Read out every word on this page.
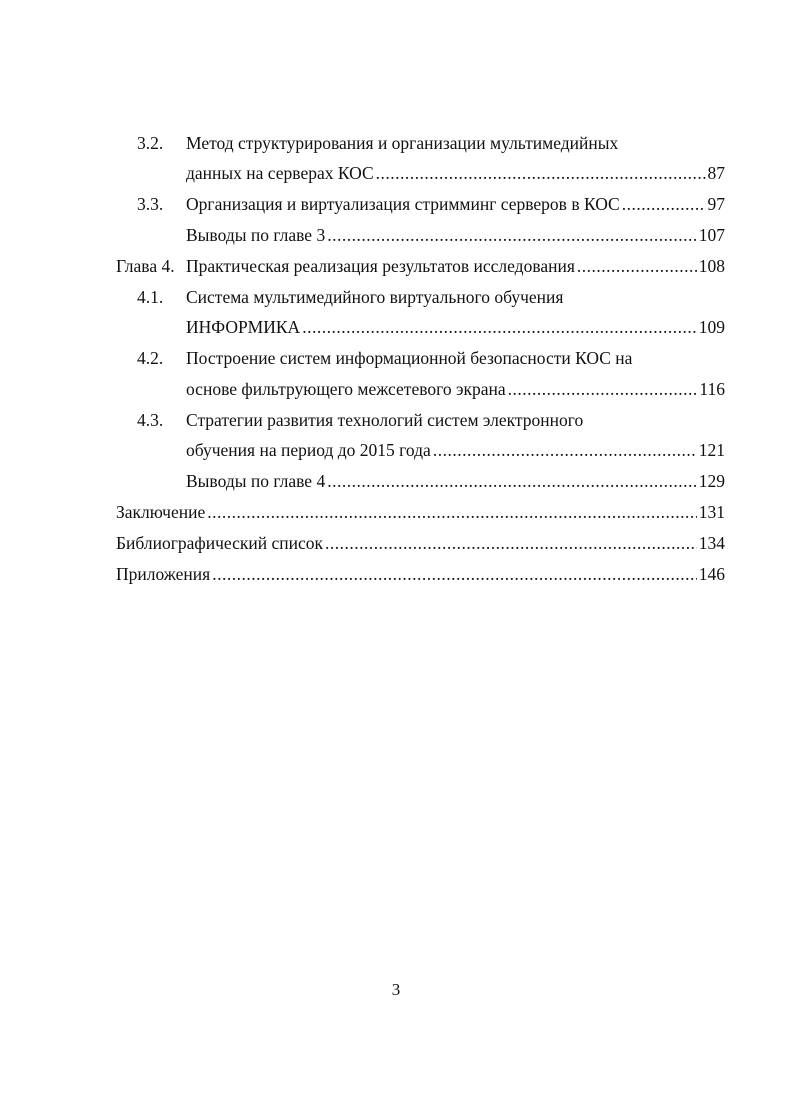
3.2. Метод структурирования и организации мультимедийных
данных на серверах КОС .....	87
3.3. Организация и виртуализация стримминг серверов в КОС .....	97
Выводы по главе 3 .....	107
Глава 4. Практическая реализация результатов исследования .....	108
4.1. Система мультимедийного виртуального обучения
ИНФОРМИКА .....	109
4.2. Построение систем информационной безопасности КОС на
основе фильтрующего межсетевого экрана .....	116
4.3. Стратегии развития технологий систем электронного
обучения на период до 2015 года .....	121
Выводы по главе 4 .....	129
Заключение .....	131
Библиографический список .....	134
Приложения .....	146
3
